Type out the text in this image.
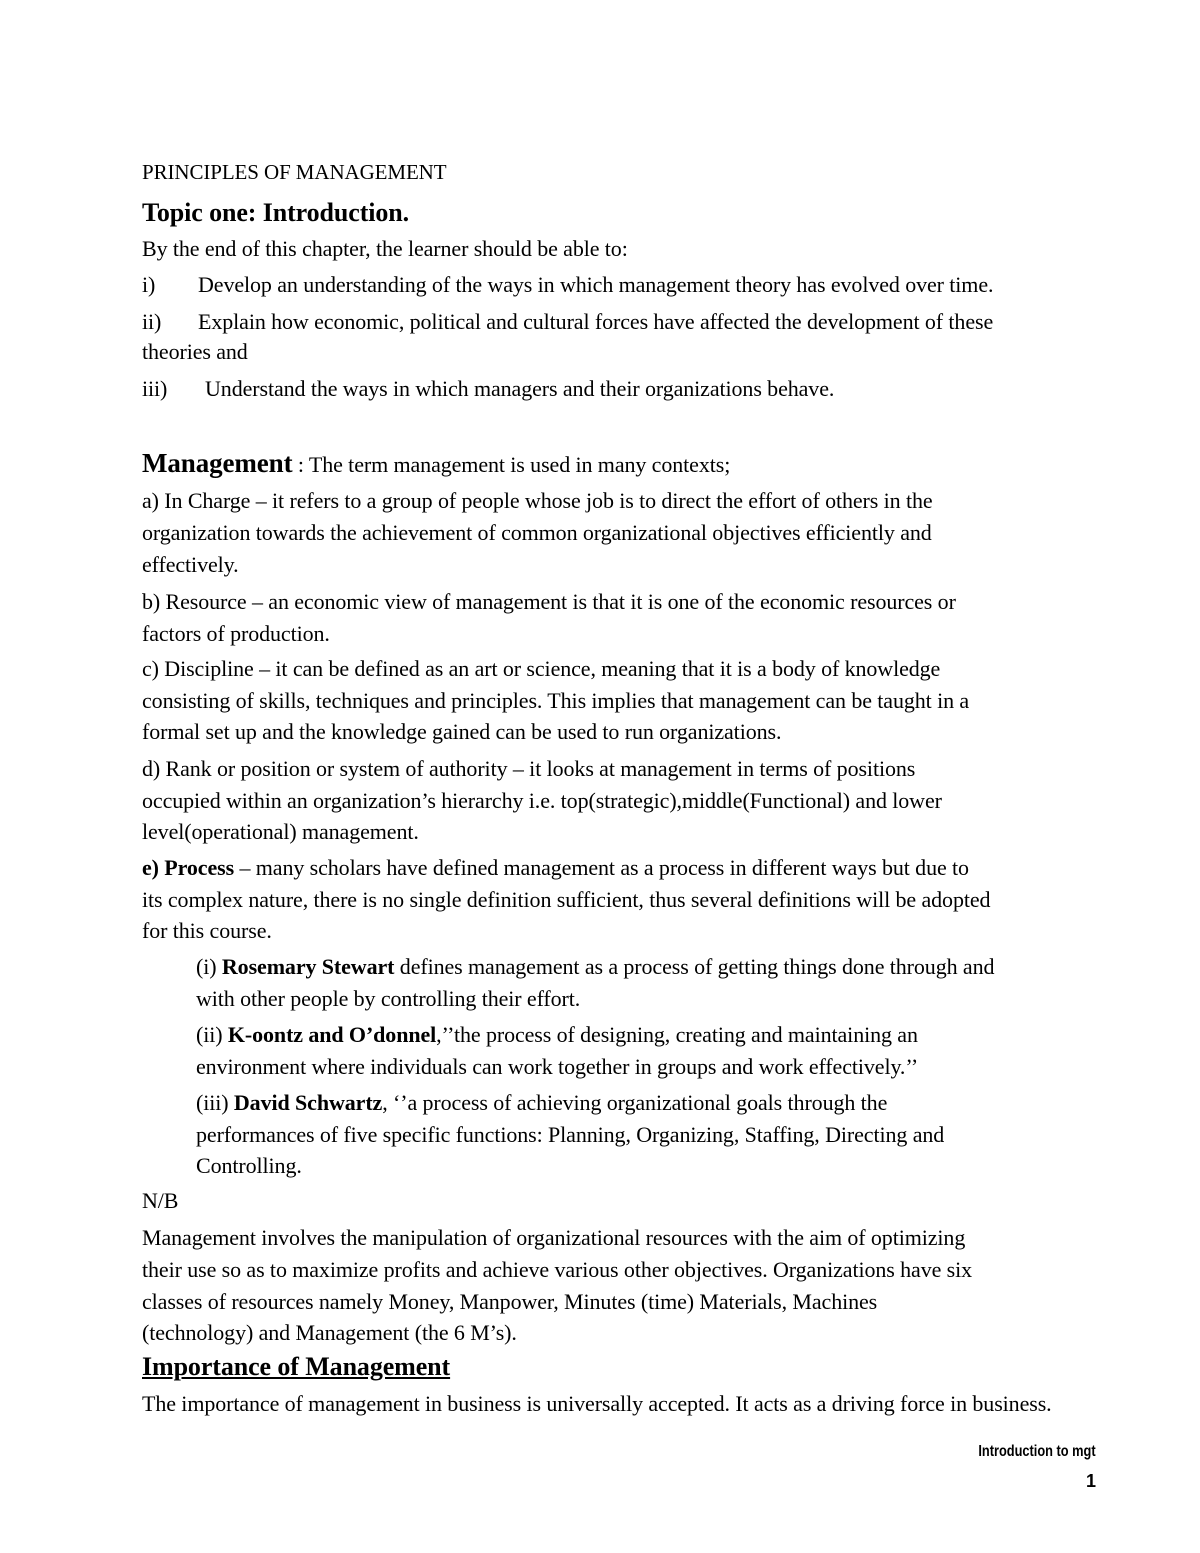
PRINCIPLES OF MANAGEMENT
Topic one: Introduction.
By the end of this chapter, the learner should be able to:
i) Develop an understanding of the ways in which management theory has evolved over time.
ii) Explain how economic, political and cultural forces have affected the development of these
theories and
iii) Understand the ways in which managers and their organizations behave.
Management : The term management is used in many contexts;
a) In Charge – it refers to a group of people whose job is to direct the effort of others in the
organization towards the achievement of common organizational objectives efficiently and
effectively.
b) Resource – an economic view of management is that it is one of the economic resources or
factors of production.
c) Discipline – it can be defined as an art or science, meaning that it is a body of knowledge
consisting of skills, techniques and principles. This implies that management can be taught in a
formal set up and the knowledge gained can be used to run organizations.
d) Rank or position or system of authority – it looks at management in terms of positions
occupied within an organization’s hierarchy i.e. top(strategic),middle(Functional) and lower
level(operational) management.
e) Process – many scholars have defined management as a process in different ways but due to
its complex nature, there is no single definition sufficient, thus several definitions will be adopted
for this course.
(i) Rosemary Stewart defines management as a process of getting things done through and
with other people by controlling their effort.
(ii) K-oontz and O’donnel,’’the process of designing, creating and maintaining an
environment where individuals can work together in groups and work effectively.’’
(iii) David Schwartz, ‘’a process of achieving organizational goals through the
performances of five specific functions: Planning, Organizing, Staffing, Directing and
Controlling.
N/B
Management involves the manipulation of organizational resources with the aim of optimizing
their use so as to maximize profits and achieve various other objectives. Organizations have six
classes of resources namely Money, Manpower, Minutes (time) Materials, Machines
(technology) and Management (the 6 M’s).
Importance of Management
The importance of management in business is universally accepted. It acts as a driving force in business.
Introduction to mgt
1
